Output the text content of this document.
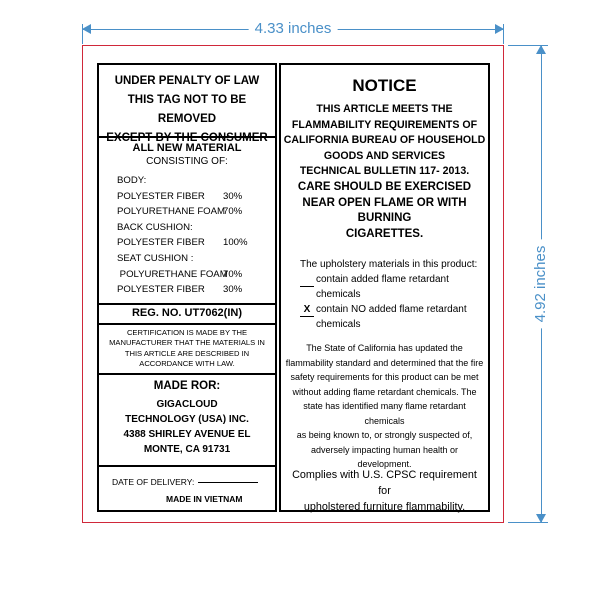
4.33 inches
4.92 inches
UNDER PENALTY OF LAW
THIS TAG NOT TO BE REMOVED
EXCEPT BY THE CONSUMER
ALL NEW MATERIAL
CONSISTING OF:
BODY:
POLYESTER FIBER 30%
POLYURETHANE FOAM
70%
BACK CUSHION:
POLYESTER FIBER 100%
SEAT CUSHION :
POLYURETHANE FOAM
70%
POLYESTER FIBER 30%
REG. NO. UT7062(IN)
CERTIFICATION IS MADE BY THE
MANUFACTURER THAT THE MATERIALS IN
THIS ARTICLE ARE DESCRIBED IN
ACCORDANCE WITH LAW.
MADE ROR:
GIGACLOUD
TECHNOLOGY (USA) INC.
4388 SHIRLEY AVENUE EL
MONTE, CA 91731
DATE OF DELIVERY:
MADE IN VIETNAM
NOTICE
THIS ARTICLE MEETS THE
FLAMMABILITY REQUIREMENTS OF
CALIFORNIA BUREAU OF HOUSEHOLD
GOODS AND SERVICES
TECHNICAL BULLETIN 117- 2013.
CARE SHOULD BE EXERCISED
NEAR OPEN FLAME OR WITH BURNING
CIGARETTES.
The upholstery materials in this product:

contain added flame retardant chemicals
X contain NO added flame retardant
chemicals
The State of California has updated the
flammability standard and determined that the fire
safety requirements for this product can be met
without adding flame retardant chemicals. The
state has identified many flame retardant chemicals
as being known to, or strongly suspected of,
adversely impacting human health or development.
Complies with U.S. CPSC requirement for
upholstered furniture flammability.
